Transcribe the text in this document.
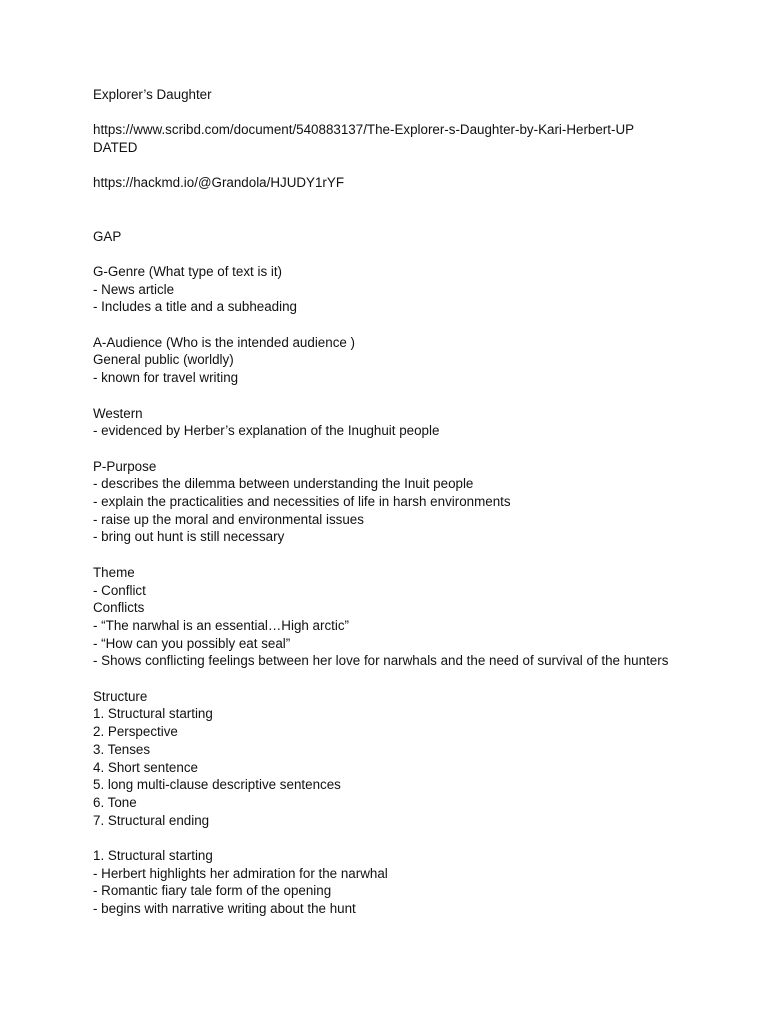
Explorer’s Daughter
https://www.scribd.com/document/540883137/The-Explorer-s-Daughter-by-Kari-Herbert-UP
DATED
https://hackmd.io/@Grandola/HJUDY1rYF
GAP
G-Genre (What type of text is it)
- News article
- Includes a title and a subheading
A-Audience (Who is the intended audience )
General public (worldly)
- known for travel writing
Western
- evidenced by Herber’s explanation of the Inughuit people
P-Purpose
- describes the dilemma between understanding the Inuit people
- explain the practicalities and necessities of life in harsh environments
- raise up the moral and environmental issues
- bring out hunt is still necessary
Theme
- Conflict
Conflicts
- “The narwhal is an essential…High arctic”
- “How can you possibly eat seal”
- Shows conflicting feelings between her love for narwhals and the need of survival of the hunters
Structure
1. Structural starting
2. Perspective
3. Tenses
4. Short sentence
5. long multi-clause descriptive sentences
6. Tone
7. Structural ending
1. Structural starting
- Herbert highlights her admiration for the narwhal
- Romantic fiary tale form of the opening
- begins with narrative writing about the hunt
